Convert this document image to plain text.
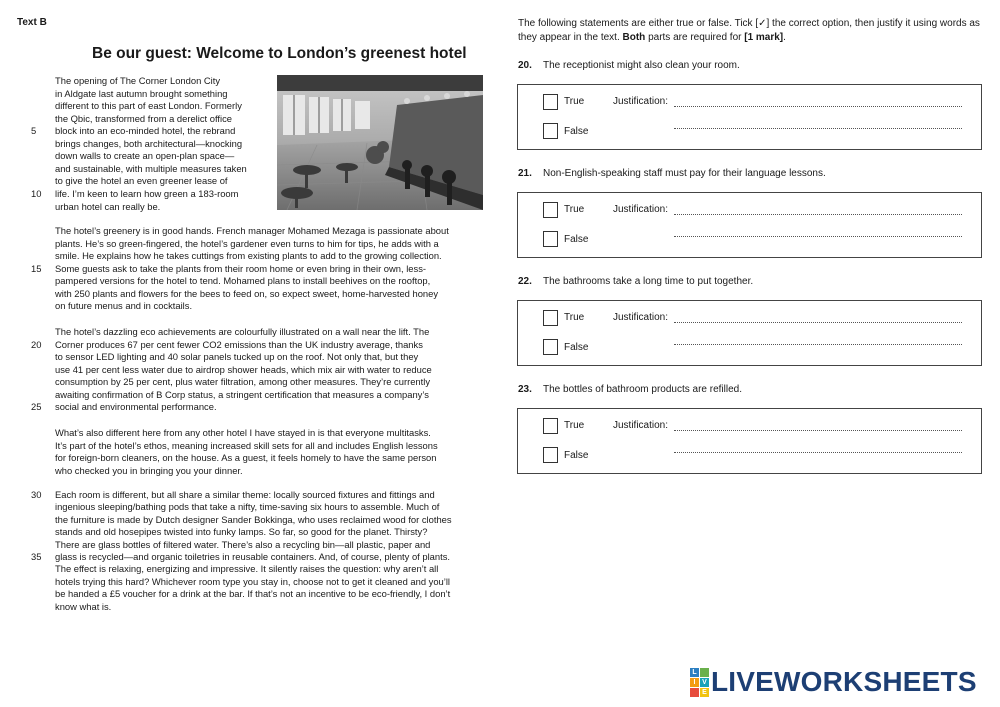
Text B
Be our guest: Welcome to London’s greenest hotel
The opening of The Corner London City
in Aldgate last autumn brought something
different to this part of east London. Formerly
the Qbic, transformed from a derelict office
block into an eco-minded hotel, the rebrand
brings changes, both architectural—knocking
down walls to create an open-plan space—
and sustainable, with multiple measures taken
to give the hotel an even greener lease of
life. I’m keen to learn how green a 183-room
urban hotel can really be.
The hotel’s greenery is in good hands. French manager Mohamed Mezaga is passionate about
plants. He’s so green-fingered, the hotel’s gardener even turns to him for tips, he adds with a
smile. He explains how he takes cuttings from existing plants to add to the growing collection.
Some guests ask to take the plants from their room home or even bring in their own, less-
pampered versions for the hotel to tend. Mohamed plans to install beehives on the rooftop,
with 250 plants and flowers for the bees to feed on, so expect sweet, home-harvested honey
on future menus and in cocktails.
The hotel’s dazzling eco achievements are colourfully illustrated on a wall near the lift. The
Corner produces 67 per cent fewer CO2 emissions than the UK industry average, thanks
to sensor LED lighting and 40 solar panels tucked up on the roof. Not only that, but they
use 41 per cent less water due to airdrop shower heads, which mix air with water to reduce
consumption by 25 per cent, plus water filtration, among other measures. They’re currently
awaiting confirmation of B Corp status, a stringent certification that measures a company’s
social and environmental performance.
What’s also different here from any other hotel I have stayed in is that everyone multitasks.
It’s part of the hotel’s ethos, meaning increased skill sets for all and includes English lessons
for foreign-born cleaners, on the house. As a guest, it feels homely to have the same person
who checked you in bringing you your dinner.
Each room is different, but all share a similar theme: locally sourced fixtures and fittings and
ingenious sleeping/bathing pods that take a nifty, time-saving six hours to assemble. Much of
the furniture is made by Dutch designer Sander Bokkinga, who uses reclaimed wood for clothes
stands and old hosepipes twisted into funky lamps. So far, so good for the planet. Thirsty?
There are glass bottles of filtered water. There’s also a recycling bin—all plastic, paper and
glass is recycled—and organic toiletries in reusable containers. And, of course, plenty of plants.
The effect is relaxing, energizing and impressive. It silently raises the question: why aren’t all
hotels trying this hard? Whichever room type you stay in, choose not to get it cleaned and you’ll
be handed a £5 voucher for a drink at the bar. If that’s not an incentive to be eco-friendly, I don’t
know what is.
5
10
15
20
25
30
35
The following statements are either true or false. Tick [✓] the correct option, then justify it using words as they appear in the text. Both parts are required for [1 mark].
20. The receptionist might also clean your room.
True
False
Justification:
21. Non-English-speaking staff must pay for their language lessons.
True
False
Justification:
22. The bathrooms take a long time to put together.
True
False
Justification:
23. The bottles of bathroom products are refilled.
True
False
Justification:
L
I V
E LIVEWORKSHEETS
